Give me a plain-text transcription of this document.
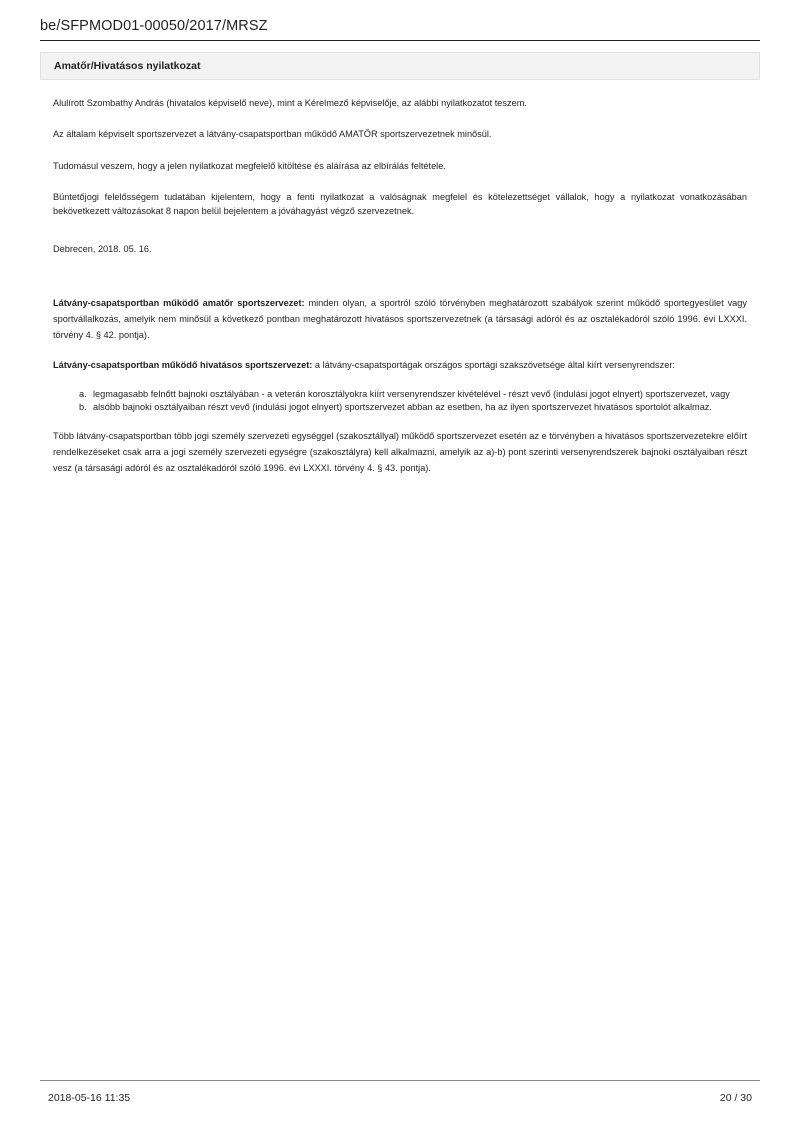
be/SFPMOD01-00050/2017/MRSZ
Amatőr/Hivatásos nyilatkozat

Alulírott Szombathy András (hivatalos képviselő neve), mint a Kérelmező képviselője, az alábbi nyilatkozatot teszem.

Az általam képviselt sportszervezet a látvány-csapatsportban működő AMATŐR sportszervezetnek minősül.

Tudomásul veszem, hogy a jelen nyilatkozat megfelelő kitöltése és aláírása az elbírálás feltétele.

Büntetőjogi felelősségem tudatában kijelentem, hogy a fenti nyilatkozat a valóságnak megfelel és kötelezettséget vállalok, hogy a nyilatkozat vonatkozásában bekövetkezett változásokat 8 napon belül bejelentem a jóváhagyást végző szervezetnek.

Debrecen, 2018. 05. 16.

Látvány-csapatsportban működő amatőr sportszervezet: minden olyan, a sportról szóló törvényben meghatározott szabályok szerint működő sportegyesület vagy sportvállalkozás, amelyik nem minősül a következő pontban meghatározott hivatásos sportszervezetnek (a társasági adóról és az osztalékadóról szóló 1996. évi LXXXI. törvény 4. § 42. pontja).

Látvány-csapatsportban működő hivatásos sportszervezet: a látvány-csapatsportágak országos sportági szakszövetsége által kiírt versenyrendszer:

a. legmagasabb felnőtt bajnoki osztályában - a veterán korosztályokra kiírt versenyrendszer kivételével - részt vevő (indulási jogot elnyert) sportszervezet, vagy
b. alsóbb bajnoki osztályaiban részt vevő (indulási jogot elnyert) sportszervezet abban az esetben, ha az ilyen sportszervezet hivatásos sportolót alkalmaz.

Több látvány-csapatsportban több jogi személy szervezeti egységgel (szakosztállyal) működő sportszervezet esetén az e törvényben a hivatásos sportszervezetekre előírt rendelkezéseket csak arra a jogi személy szervezeti egységre (szakosztályra) kell alkalmazni, amelyik az a)-b) pont szerinti versenyrendszerek bajnoki osztályaiban részt vesz (a társasági adóról és az osztalékadóról szóló 1996. évi LXXXI. törvény 4. § 43. pontja).

2018-05-16 11:35	20 / 30
